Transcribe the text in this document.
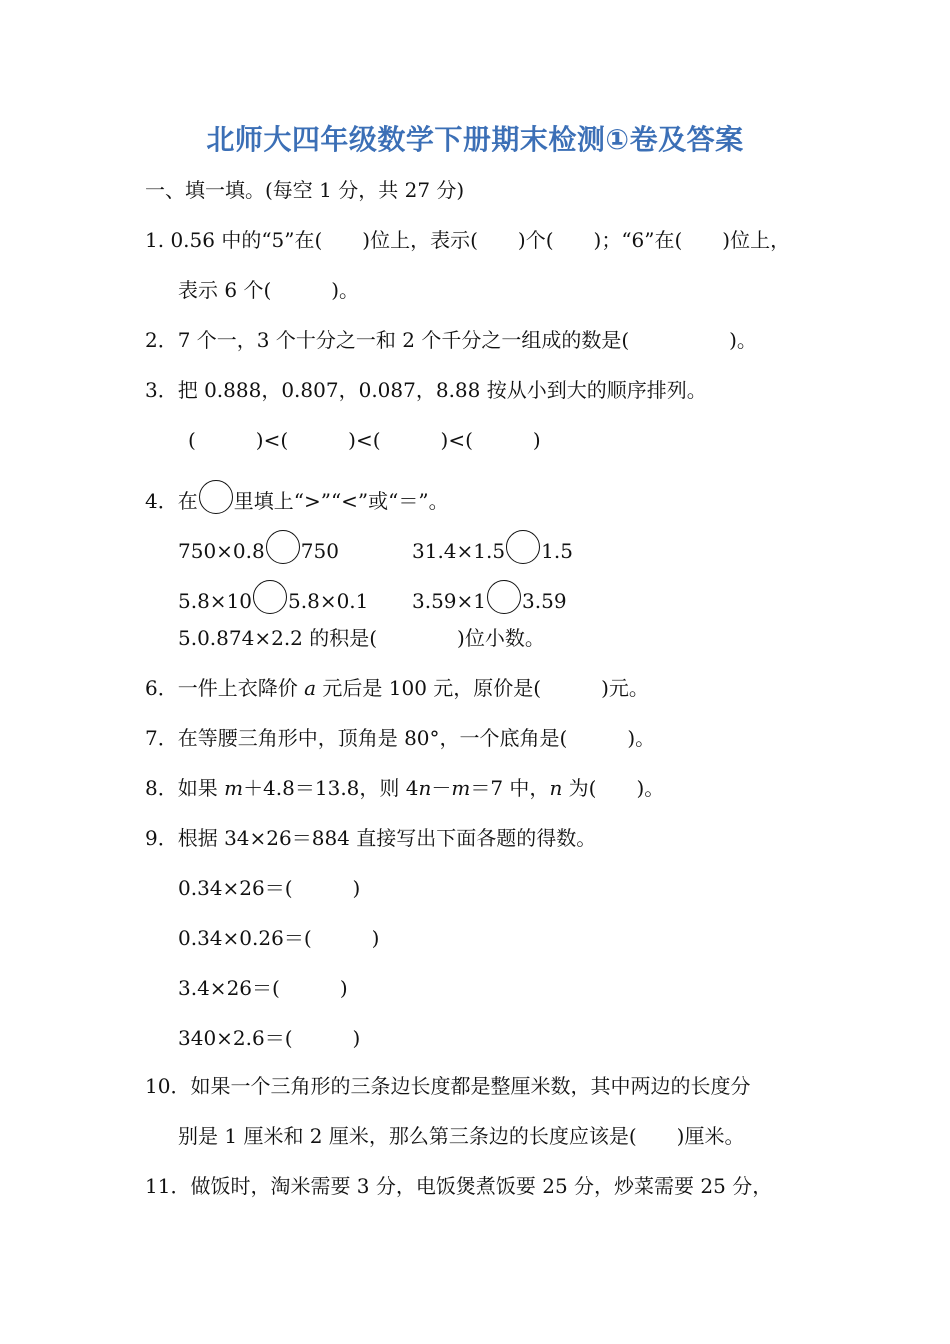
北师大四年级数学下册期末检测①卷及答案
一、填一填。(每空 1 分，共 27 分)
1. 0.56 中的“5”在(　　)位上，表示(　　)个(　　)；“6”在(　　)位上，
表示 6 个(　　　)。
2．7 个一，3 个十分之一和 2 个千分之一组成的数是(　　　　　)。
3．把 0.888，0.807，0.087，8.88 按从小到大的顺序排列。
(　　　)<(　　　)<(　　　)<(　　　)
4．在 里填上“>”“<”或“＝”。
750×0.8 750	31.4×1.5 1.5
5.8×10 5.8×0.1 3.59×1 3.59
5.0.874×2.2 的积是(　　　　)位小数。
6．一件上衣降价 a 元后是 100 元，原价是(　　　)元。
7．在等腰三角形中，顶角是 80°，一个底角是(　　　)。
8．如果 m＋4.8＝13.8，则 4n－m＝7 中，n 为(　　)。
9．根据 34×26＝884 直接写出下面各题的得数。
0.34×26＝(　　　)
0.34×0.26＝(　　　)
3.4×26＝(　　　)
340×2.6＝(　　　)
10．如果一个三角形的三条边长度都是整厘米数，其中两边的长度分
别是 1 厘米和 2 厘米，那么第三条边的长度应该是(　　)厘米。
11．做饭时，淘米需要 3 分，电饭煲煮饭要 25 分，炒菜需要 25 分，
